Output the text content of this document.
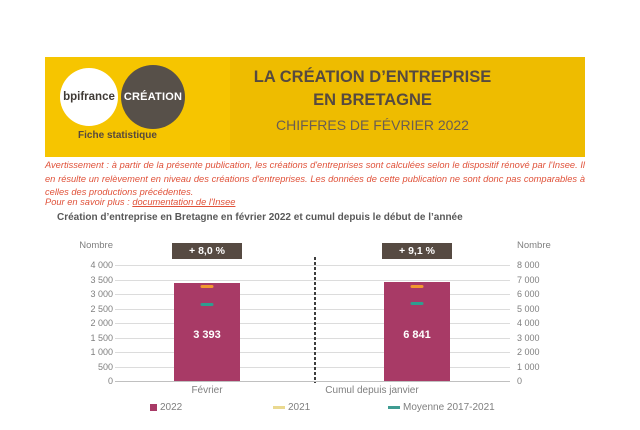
bpifrance CRÉATION
Fiche statistique
LA CRÉATION D’ENTREPRISE
EN BRETAGNE
CHIFFRES DE FÉVRIER 2022

Avertissement : à partir de la présente publication, les créations d'entreprises sont calculées selon le dispositif rénové par l'Insee. Il en résulte un relèvement en niveau des créations d'entreprises. Les données de cette publication ne sont donc pas comparables à celles des productions précédentes.

Pour en savoir plus : documentation de l'Insee

Création d’entreprise en Bretagne en février 2022 et cumul depuis le début de l’année
Nombre	Nombre
4 000
3 500
3 000
2 500
2 000
1 500
1 000
500
0
8 000
7 000
6 000
5 000
4 000
3 000
2 000
1 000
0
+ 8,0 %
3 393
+ 9,1 %
6 841
Février	Cumul depuis janvier
2022	2021	Moyenne 2017-2021
